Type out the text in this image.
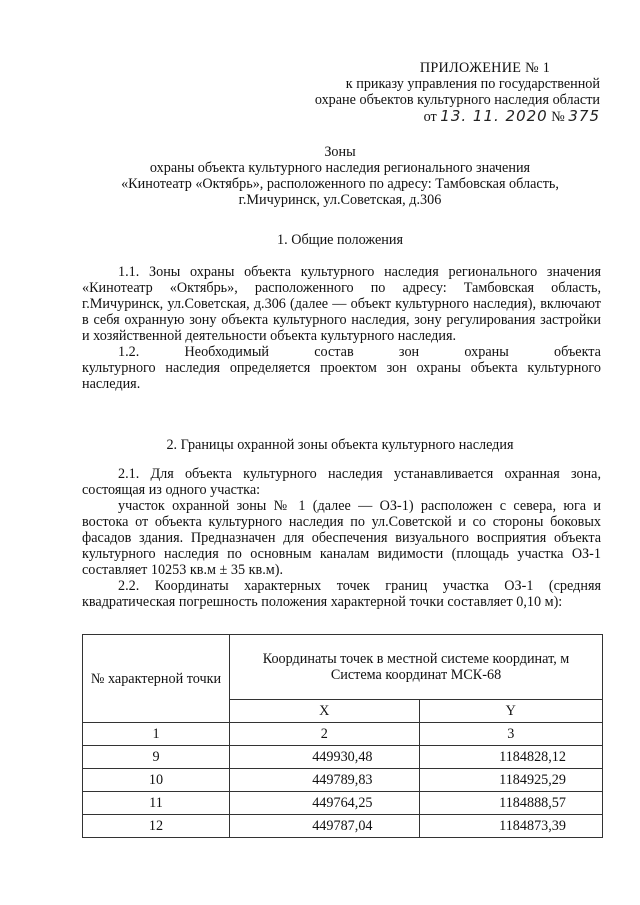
ПРИЛОЖЕНИЕ № 1
к приказу управления по государственной
охране объектов культурного наследия области
от 13. 11. 2020 № 375
Зоны
охраны объекта культурного наследия регионального значения
«Кинотеатр «Октябрь», расположенного по адресу: Тамбовская область,
г.Мичуринск, ул.Советская, д.306
1. Общие положения

1.1. Зоны охраны объекта культурного наследия регионального значения «Кинотеатр «Октябрь», расположенного по адресу: Тамбовская область, г.Мичуринск, ул.Советская, д.306 (далее — объект культурного наследия), включают в себя охранную зону объекта культурного наследия, зону регулирования застройки и хозяйственной деятельности объекта культурного наследия.

1.2.	Необходимый	состав	зон	охраны	объекта

культурного наследия определяется проектом зон охраны объекта культурного наследия.

2. Границы охранной зоны объекта культурного наследия

2.1. Для объекта культурного наследия устанавливается охранная зона, состоящая из одного участка:

участок охранной зоны № 1 (далее — ОЗ-1) расположен с севера, юга и востока от объекта культурного наследия по ул.Советской и со стороны боковых фасадов здания. Предназначен для обеспечения визуального восприятия объекта культурного наследия по основным каналам видимости (площадь участка ОЗ-1 составляет 10253 кв.м ± 35 кв.м).

2.2. Координаты характерных точек границ участка ОЗ-1 (средняя квадратическая погрешность положения характерной точки составляет 0,10 м):

№ характерной точки	Координаты точек в местной системе координат, м
Система координат МСК-68	

	X	Y
1	2	3
9	449930,48	1184828,12
10	449789,83	1184925,29
11	449764,25	1184888,57
12	449787,04	1184873,39
